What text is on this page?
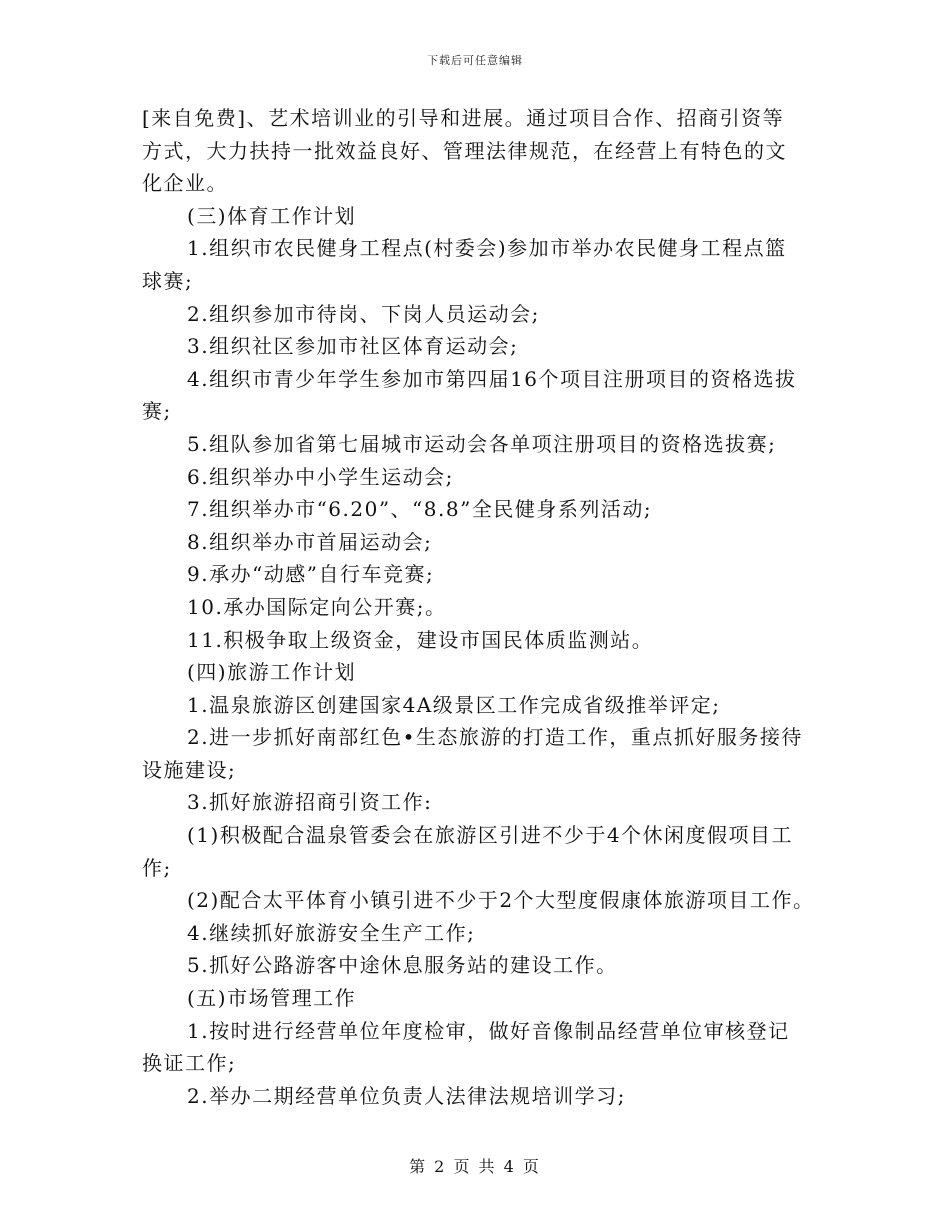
下载后可任意编辑
[来自免费]、艺术培训业的引导和进展。通过项目合作、招商引资等
方式，大力扶持一批效益良好、管理法律规范，在经营上有特色的文
化企业。
(三)体育工作计划
1.组织市农民健身工程点(村委会)参加市举办农民健身工程点篮
球赛;
2.组织参加市待岗、下岗人员运动会;
3.组织社区参加市社区体育运动会;
4.组织市青少年学生参加市第四届16个项目注册项目的资格选拔
赛;
5.组队参加省第七届城市运动会各单项注册项目的资格选拔赛;
6.组织举办中小学生运动会;
7.组织举办市“6.20”、“8.8”全民健身系列活动;
8.组织举办市首届运动会;
9.承办“动感”自行车竞赛;
10.承办国际定向公开赛;。
11.积极争取上级资金，建设市国民体质监测站。
(四)旅游工作计划
1.温泉旅游区创建国家4A级景区工作完成省级推举评定;
2.进一步抓好南部红色•生态旅游的打造工作，重点抓好服务接待
设施建设;
3.抓好旅游招商引资工作:
(1)积极配合温泉管委会在旅游区引进不少于4个休闲度假项目工
作;
(2)配合太平体育小镇引进不少于2个大型度假康体旅游项目工作。
4.继续抓好旅游安全生产工作;
5.抓好公路游客中途休息服务站的建设工作。
(五)市场管理工作
1.按时进行经营单位年度检审，做好音像制品经营单位审核登记
换证工作;
2.举办二期经营单位负责人法律法规培训学习;
第 2 页 共 4 页
